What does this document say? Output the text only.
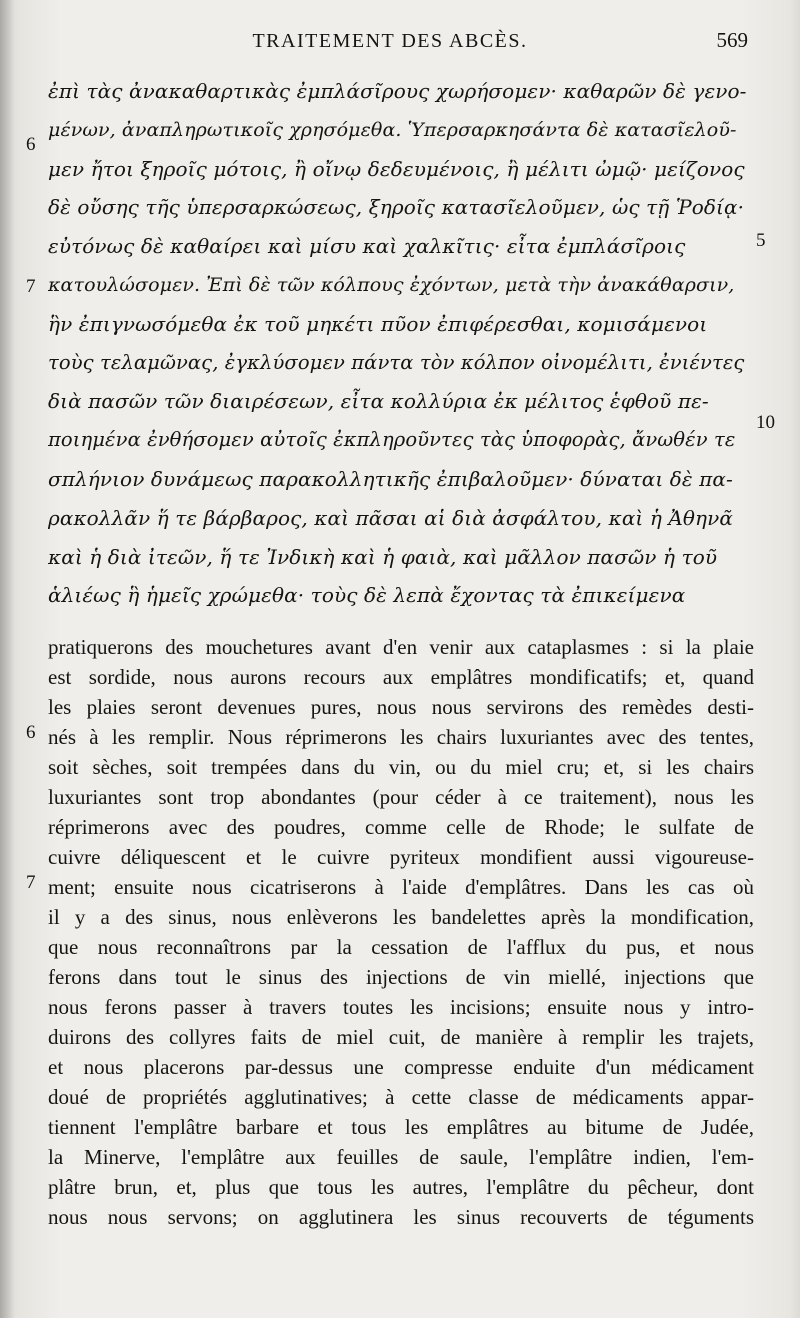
TRAITEMENT DES ABCÈS.	569
6
7
5
10
ἐπὶ τὰς ἀνακαθαρτικὰς ἐμπλάσῖρους χωρήσομεν· καθαρῶν δὲ γενο-
μένων, ἀναπληρωτικοῖς χρησόμεθα. Ὑπερσαρκησάντα δὲ κατασῖελοῦ-
μεν ἤτοι ξηροῖς μότοις, ἢ οἴνῳ δεδευμένοις, ἢ μέλιτι ὠμῷ· μείζονος
δὲ οὔσης τῆς ὑπερσαρκώσεως, ξηροῖς κατασῖελοῦμεν, ὡς τῇ Ῥοδίᾳ·
εὐτόνως δὲ καθαίρει καὶ μίσυ καὶ χαλκῖτις· εἶτα ἐμπλάσῖροις
κατουλώσομεν. Ἐπὶ δὲ τῶν κόλπους ἐχόντων, μετὰ τὴν ἀνακάθαρσιν,
ἣν ἐπιγνωσόμεθα ἐκ τοῦ μηκέτι πῦον ἐπιφέρεσθαι, κομισάμενοι
τοὺς τελαμῶνας, ἐγκλύσομεν πάντα τὸν κόλπον οἰνομέλιτι, ἐνιέντες
διὰ πασῶν τῶν διαιρέσεων, εἶτα κολλύρια ἐκ μέλιτος ἑφθοῦ πε-
ποιημένα ἐνθήσομεν αὐτοῖς ἐκπληροῦντες τὰς ὑποφορὰς, ἄνωθέν τε
σπλήνιον δυνάμεως παρακολλητικῆς ἐπιβαλοῦμεν· δύναται δὲ πα-
ρακολλᾶν ἥ τε βάρβαρος, καὶ πᾶσαι αἱ διὰ ἀσφάλτου, καὶ ἡ Ἀθηνᾶ
καὶ ἡ διὰ ἰτεῶν, ἥ τε Ἰνδικὴ καὶ ἡ φαιὰ, καὶ μᾶλλον πασῶν ἡ τοῦ
ἁλιέως ἣ ἡμεῖς χρώμεθα· τοὺς δὲ λεπὰ ἔχοντας τὰ ἐπικείμενα
6
7
pratiquerons des mouchetures avant d'en venir aux cataplasmes : si la plaie
est sordide, nous aurons recours aux emplâtres mondificatifs; et, quand
les plaies seront devenues pures, nous nous servirons des remèdes desti-
nés à les remplir. Nous réprimerons les chairs luxuriantes avec des tentes,
soit sèches, soit trempées dans du vin, ou du miel cru; et, si les chairs
luxuriantes sont trop abondantes (pour céder à ce traitement), nous les
réprimerons avec des poudres, comme celle de Rhode; le sulfate de
cuivre déliquescent et le cuivre pyriteux mondifient aussi vigoureuse-
ment; ensuite nous cicatriserons à l'aide d'emplâtres. Dans les cas où
il y a des sinus, nous enlèverons les bandelettes après la mondification,
que nous reconnaîtrons par la cessation de l'afflux du pus, et nous
ferons dans tout le sinus des injections de vin miellé, injections que
nous ferons passer à travers toutes les incisions; ensuite nous y intro-
duirons des collyres faits de miel cuit, de manière à remplir les trajets,
et nous placerons par-dessus une compresse enduite d'un médicament
doué de propriétés agglutinatives; à cette classe de médicaments appar-
tiennent l'emplâtre barbare et tous les emplâtres au bitume de Judée,
la Minerve, l'emplâtre aux feuilles de saule, l'emplâtre indien, l'em-
plâtre brun, et, plus que tous les autres, l'emplâtre du pêcheur, dont
nous nous servons; on agglutinera les sinus recouverts de téguments
